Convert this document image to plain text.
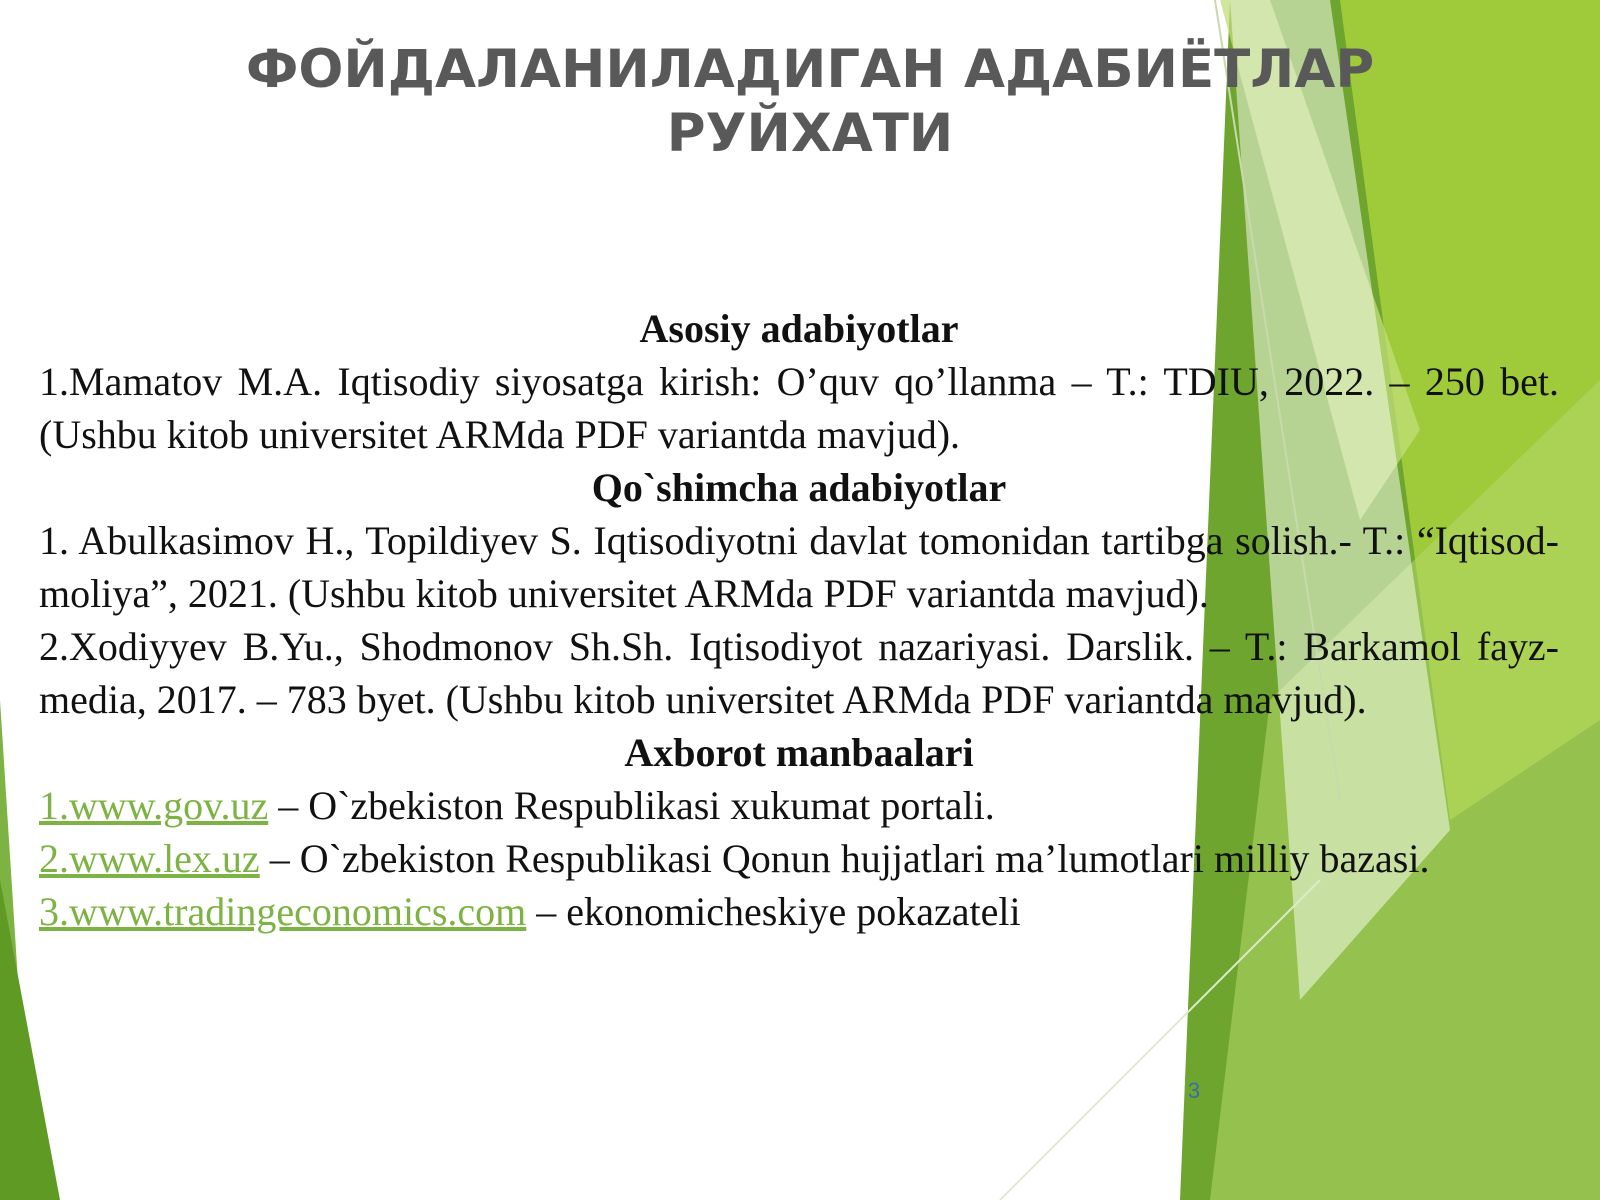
ФОЙДАЛАНИЛАДИГАН АДАБИЁТЛАР
РУЙХАТИ
Asosiy adabiyotlar
1.Mamatov M.A. Iqtisodiy siyosatga kirish: O’quv qo’llanma – T.: TDIU, 2022. – 250 bet. (Ushbu kitob universitet ARMda PDF variantda mavjud).
Qo`shimcha adabiyotlar
1. Abulkasimov H., Topildiyev S. Iqtisodiyotni davlat tomonidan tartibga solish.- T.: “Iqtisod-moliya”, 2021. (Ushbu kitob universitet ARMda PDF variantda mavjud).
2.Xodiyyev B.Yu., Shodmonov Sh.Sh. Iqtisodiyot nazariyasi. Darslik. – T.: Barkamol fayz- media, 2017. – 783 byet. (Ushbu kitob universitet ARMda PDF variantda mavjud).
Axborot manbaalari
1.www.gov.uz – O`zbekiston Respublikasi xukumat portali.
2.www.lex.uz – O`zbekiston Respublikasi Qonun hujjatlari ma’lumotlari milliy bazasi.
3.www.tradingeconomics.com – ekonomicheskiye pokazateli
3
